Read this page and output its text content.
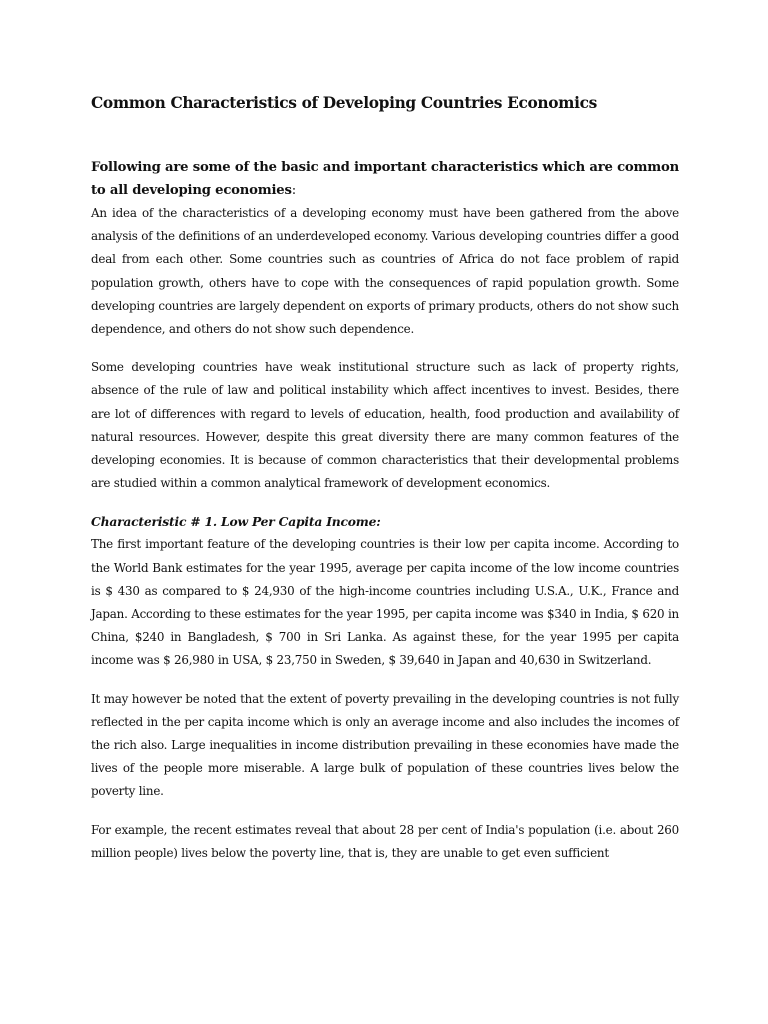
Common Characteristics of Developing Countries Economics
Following are some of the basic and important characteristics which are common to all developing economies:

An idea of the characteristics of a developing economy must have been gathered from the above analysis of the definitions of an underdeveloped economy. Various developing countries differ a good deal from each other. Some countries such as countries of Africa do not face problem of rapid population growth, others have to cope with the consequences of rapid population growth. Some developing countries are largely dependent on exports of primary products, others do not show such dependence, and others do not show such dependence.

Some developing countries have weak institutional structure such as lack of property rights, absence of the rule of law and political instability which affect incentives to invest. Besides, there are lot of differences with regard to levels of education, health, food production and availability of natural resources. However, despite this great diversity there are many common features of the developing economies. It is because of common characteristics that their developmental problems are studied within a common analytical framework of development economics.

Characteristic # 1. Low Per Capita Income:

The first important feature of the developing countries is their low per capita income. According to the World Bank estimates for the year 1995, average per capita income of the low income countries is $ 430 as compared to $ 24,930 of the high-income countries including U.S.A., U.K., France and Japan. According to these estimates for the year 1995, per capita income was $340 in India, $ 620 in China, $240 in Bangladesh, $ 700 in Sri Lanka. As against these, for the year 1995 per capita income was $ 26,980 in USA, $ 23,750 in Sweden, $ 39,640 in Japan and 40,630 in Switzerland.

It may however be noted that the extent of poverty prevailing in the developing countries is not fully reflected in the per capita income which is only an average income and also includes the incomes of the rich also. Large inequalities in income distribution prevailing in these economies have made the lives of the people more miserable. A large bulk of population of these countries lives below the poverty line.

For example, the recent estimates reveal that about 28 per cent of India's population (i.e. about 260 million people) lives below the poverty line, that is, they are unable to get even sufficient
